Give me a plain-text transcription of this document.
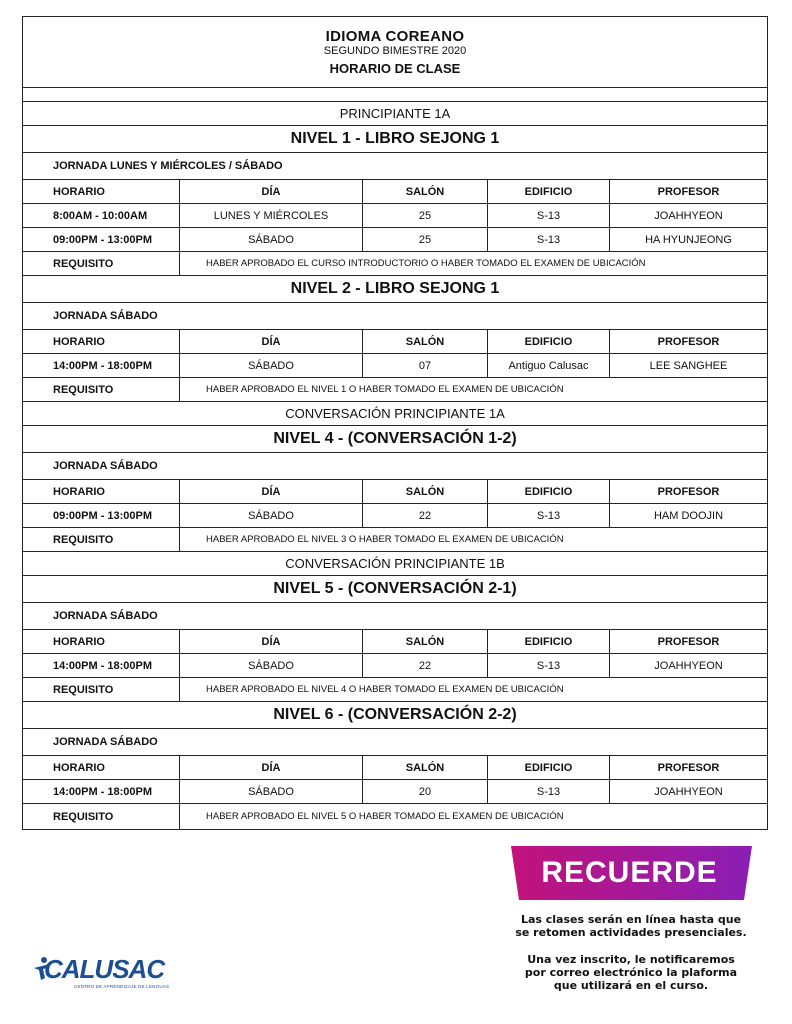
IDIOMA COREANO
SEGUNDO BIMESTRE 2020
HORARIO DE CLASE
PRINCIPIANTE 1A
NIVEL 1 - LIBRO SEJONG 1
JORNADA LUNES Y MIÉRCOLES / SÁBADO
HORARIO	DÍA	SALÓN	EDIFICIO	PROFESOR
8:00AM - 10:00AM	LUNES Y MIÉRCOLES	25	S-13	JOAHHYEON
09:00PM - 13:00PM	SÁBADO	25	S-13	HA HYUNJEONG
REQUISITO	HABER APROBADO EL CURSO INTRODUCTORIO O HABER TOMADO EL EXAMEN DE UBICACIÓN
NIVEL 2 - LIBRO SEJONG 1
JORNADA SÁBADO
HORARIO	DÍA	SALÓN	EDIFICIO	PROFESOR
14:00PM - 18:00PM	SÁBADO	07	Antiguo Calusac	LEE SANGHEE
REQUISITO	HABER APROBADO EL NIVEL 1 O HABER TOMADO EL EXAMEN DE UBICACIÓN
CONVERSACIÓN PRINCIPIANTE 1A
NIVEL 4 - (CONVERSACIÓN 1-2)
JORNADA SÁBADO
HORARIO	DÍA	SALÓN	EDIFICIO	PROFESOR
09:00PM - 13:00PM	SÁBADO	22	S-13	HAM DOOJIN
REQUISITO	HABER APROBADO EL NIVEL 3 O HABER TOMADO EL EXAMEN DE UBICACIÓN
CONVERSACIÓN PRINCIPIANTE 1B
NIVEL 5 - (CONVERSACIÓN 2-1)
JORNADA SÁBADO
HORARIO	DÍA	SALÓN	EDIFICIO	PROFESOR
14:00PM - 18:00PM	SÁBADO	22	S-13	JOAHHYEON
REQUISITO	HABER APROBADO EL NIVEL 4 O HABER TOMADO EL EXAMEN DE UBICACIÓN
NIVEL 6 - (CONVERSACIÓN 2-2)
JORNADA SÁBADO
HORARIO	DÍA	SALÓN	EDIFICIO	PROFESOR
14:00PM - 18:00PM	SÁBADO	20	S-13	JOAHHYEON
REQUISITO	HABER APROBADO EL NIVEL 5 O HABER TOMADO EL EXAMEN DE UBICACIÓN
RECUERDE

Las clases serán en línea hasta que

se retomen actividades presenciales.

Una vez inscrito, le notificaremos

por correo electrónico la plaforma

que utilizará en el curso.

CALUSAC
CENTRO DE APRENDIZAJE DE LENGUAS
